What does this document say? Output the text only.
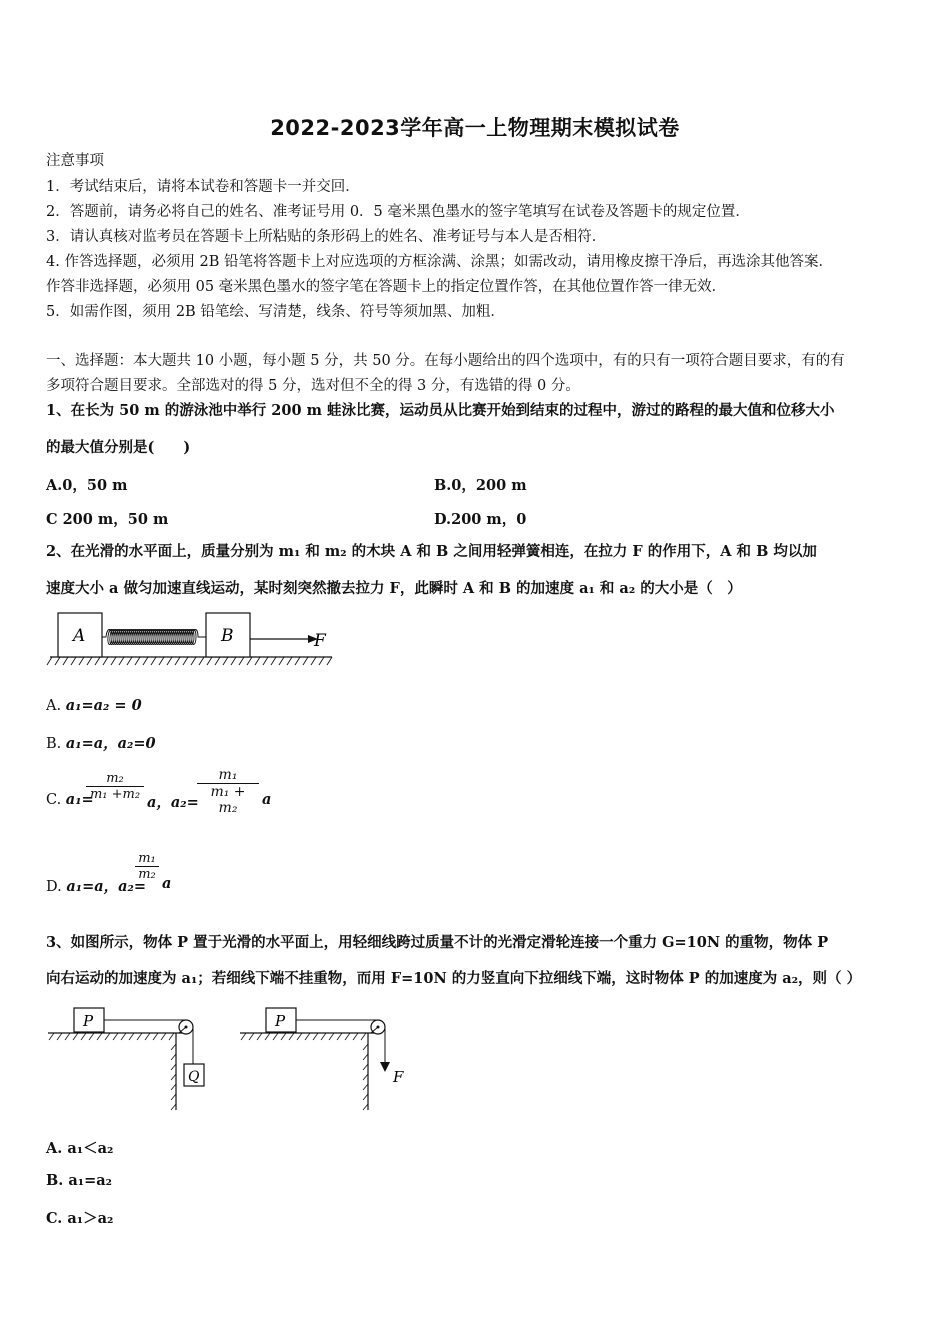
2022-2023学年高一上物理期末模拟试卷
注意事项
1．考试结束后，请将本试卷和答题卡一并交回．
2．答题前，请务必将自己的姓名、准考证号用 0．5 毫米黑色墨水的签字笔填写在试卷及答题卡的规定位置．
3．请认真核对监考员在答题卡上所粘贴的条形码上的姓名、准考证号与本人是否相符．
4. 作答选择题，必须用 2B 铅笔将答题卡上对应选项的方框涂满、涂黑；如需改动，请用橡皮擦干净后，再选涂其他答案．
作答非选择题，必须用 05 毫米黑色墨水的签字笔在答题卡上的指定位置作答，在其他位置作答一律无效．
5．如需作图，须用 2B 铅笔绘、写清楚，线条、符号等须加黑、加粗．
一、选择题：本大题共 10 小题，每小题 5 分，共 50 分。在每小题给出的四个选项中，有的只有一项符合题目要求，有的有
多项符合题目要求。全部选对的得 5 分，选对但不全的得 3 分，有选错的得 0 分。
1、在长为 50 m 的游泳池中举行 200 m 蛙泳比赛，运动员从比赛开始到结束的过程中，游过的路程的最大值和位移大小
的最大值分别是(　　)
A.0，50 m	B.0，200 m
C 200 m，50 m	D.200 m，0
2、在光滑的水平面上，质量分别为 m₁ 和 m₂ 的木块 A 和 B 之间用轻弹簧相连，在拉力 F 的作用下，A 和 B 均以加
速度大小 a 做匀加速直线运动，某时刻突然撤去拉力 F，此瞬时 A 和 B 的加速度 a₁ 和 a₂ 的大小是（　）
A	B	F
A. a₁=a₂ = 0
B. a₁=a，a₂=0
C. a₁=
$\frac{\text{m₂}}{\text{m₁ +m₂}}$
a，a₂=
$\frac{\text{m₁}}{\text{m₁ + m₂}}$ a
D. a₁=a，a₂=
$\frac{\text{m₁}}{\text{m₂}}$
a
3、如图所示，物体 P 置于光滑的水平面上，用轻细线跨过质量不计的光滑定滑轮连接一个重力 G=10N 的重物，物体 P
向右运动的加速度为 a₁；若细线下端不挂重物，而用 F=10N 的力竖直向下拉细线下端，这时物体 P 的加速度为 a₂，则（ ）
P
Q
P
F
A. a₁＜a₂
B. a₁=a₂
C. a₁＞a₂
